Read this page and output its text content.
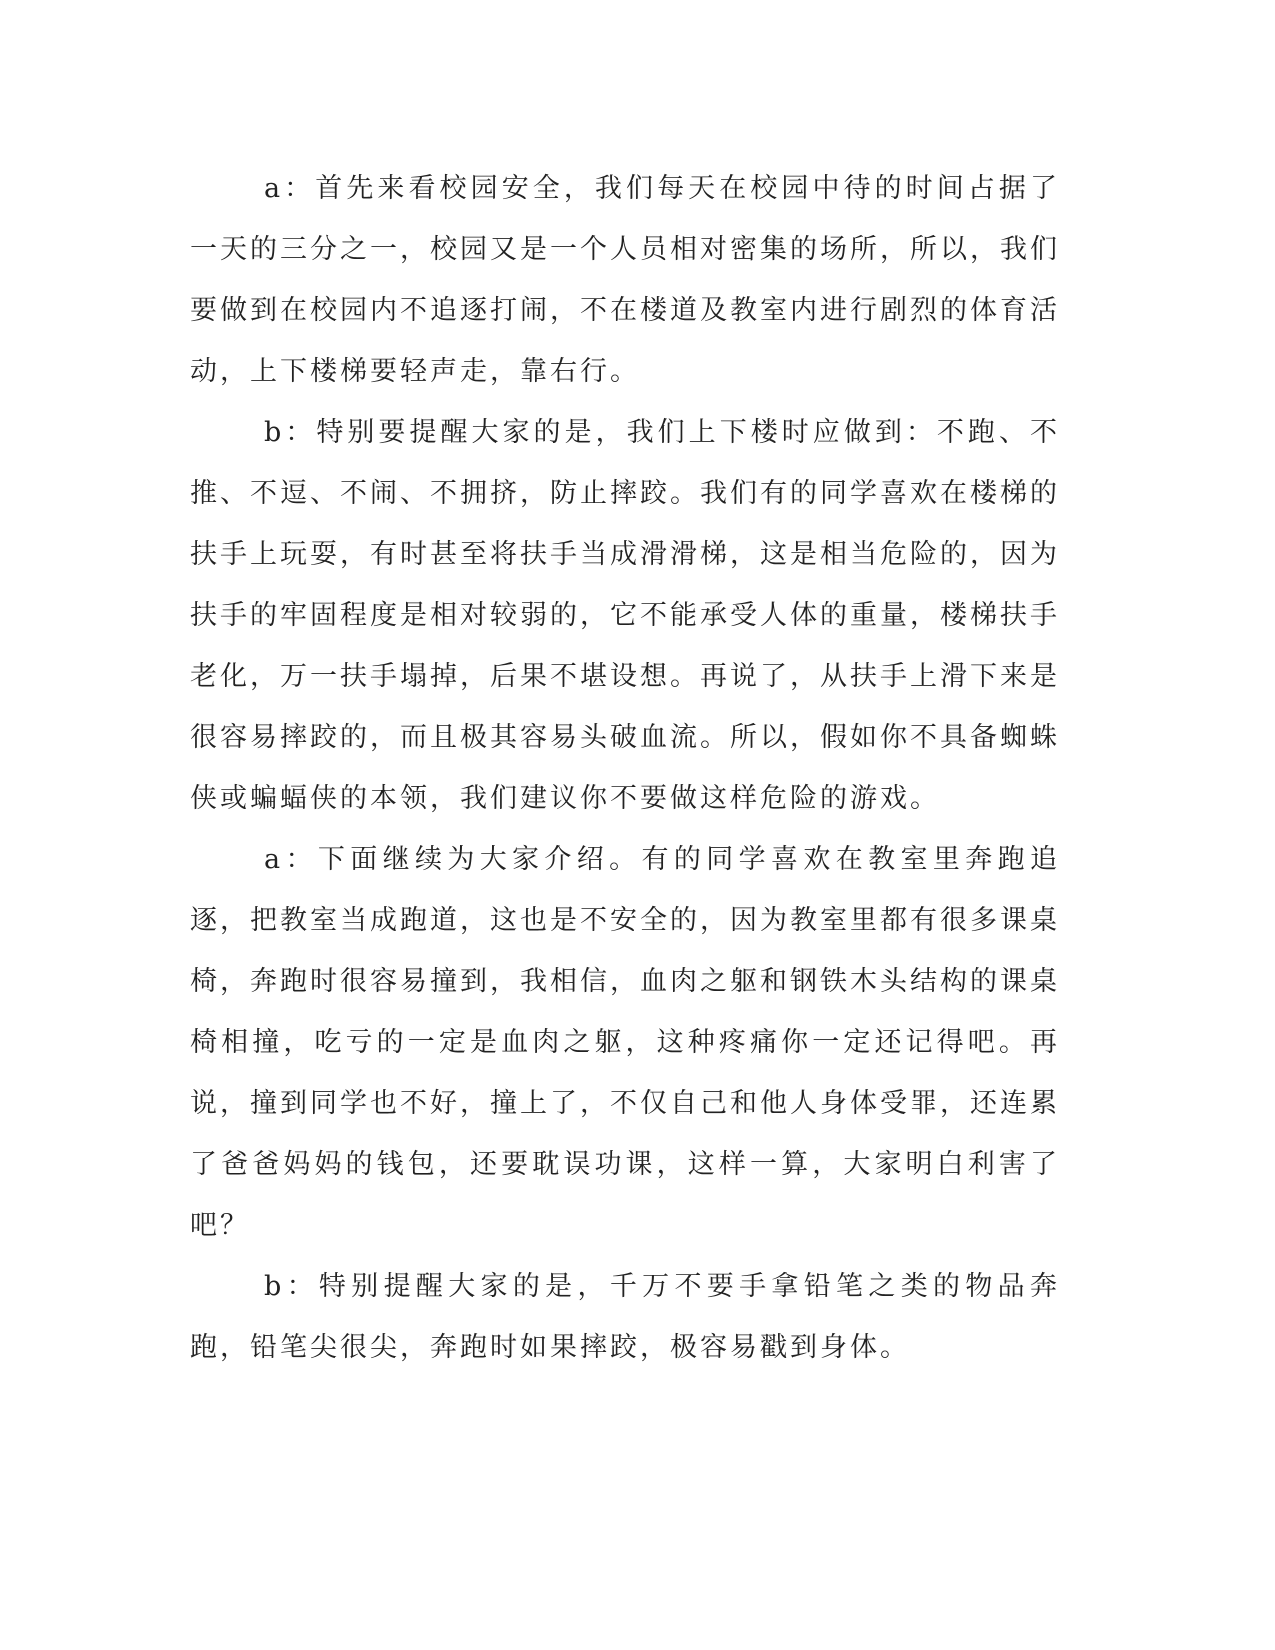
a：首先来看校园安全，我们每天在校园中待的时间占据了一天的三分之一，校园又是一个人员相对密集的场所，所以，我们要做到在校园内不追逐打闹，不在楼道及教室内进行剧烈的体育活动，上下楼梯要轻声走，靠右行。

b：特别要提醒大家的是，我们上下楼时应做到：不跑、不推、不逗、不闹、不拥挤，防止摔跤。我们有的同学喜欢在楼梯的扶手上玩耍，有时甚至将扶手当成滑滑梯，这是相当危险的，因为扶手的牢固程度是相对较弱的，它不能承受人体的重量，楼梯扶手老化，万一扶手塌掉，后果不堪设想。再说了，从扶手上滑下来是很容易摔跤的，而且极其容易头破血流。所以，假如你不具备蜘蛛侠或蝙蝠侠的本领，我们建议你不要做这样危险的游戏。

a：下面继续为大家介绍。有的同学喜欢在教室里奔跑追逐，把教室当成跑道，这也是不安全的，因为教室里都有很多课桌椅，奔跑时很容易撞到，我相信，血肉之躯和钢铁木头结构的课桌椅相撞，吃亏的一定是血肉之躯，这种疼痛你一定还记得吧。再说，撞到同学也不好，撞上了，不仅自己和他人身体受罪，还连累了爸爸妈妈的钱包，还要耽误功课，这样一算，大家明白利害了吧？

b：特别提醒大家的是，千万不要手拿铅笔之类的物品奔跑，铅笔尖很尖，奔跑时如果摔跤，极容易戳到身体。
